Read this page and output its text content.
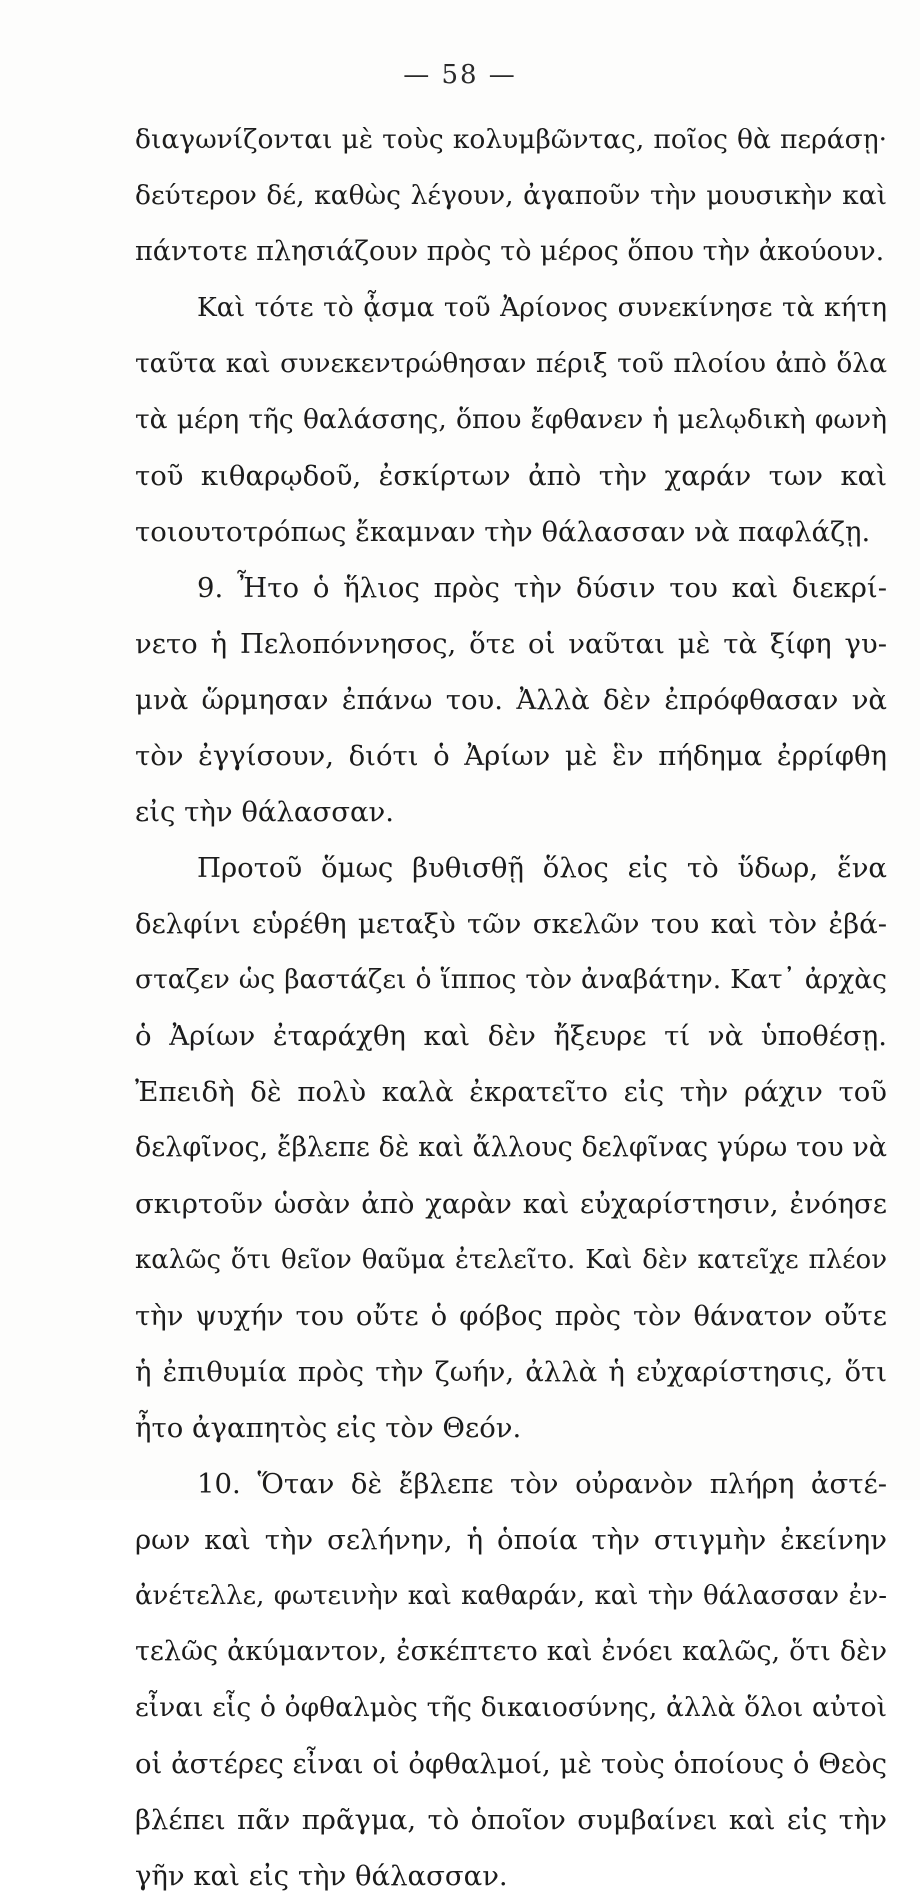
— 58 —
διαγωνίζονται μὲ τοὺς κολυμβῶντας, ποῖος θὰ περάσῃ·
δεύτερον δέ, καθὼς λέγουν, ἀγαποῦν τὴν μουσικὴν καὶ
πάντοτε πλησιάζουν πρὸς τὸ μέρος ὅπου τὴν ἀκούουν.
Καὶ τότε τὸ ᾆσμα τοῦ Ἀρίονος συνεκίνησε τὰ κήτη
ταῦτα καὶ συνεκεντρώθησαν πέριξ τοῦ πλοίου ἀπὸ ὅλα
τὰ μέρη τῆς θαλάσσης, ὅπου ἔφθανεν ἡ μελῳδικὴ φωνὴ
τοῦ κιθαρῳδοῦ, ἐσκίρτων ἀπὸ τὴν χαράν των καὶ
τοιουτοτρόπως ἔκαμναν τὴν θάλασσαν νὰ παφλάζῃ.
9. Ἦτο ὁ ἥλιος πρὸς τὴν δύσιν του καὶ διεκρί-
νετο ἡ Πελοπόννησος, ὅτε οἱ ναῦται μὲ τὰ ξίφη γυ-
μνὰ ὥρμησαν ἐπάνω του. Ἀλλὰ δὲν ἐπρόφθασαν νὰ
τὸν ἐγγίσουν, διότι ὁ Ἀρίων μὲ ἓν πήδημα ἐρρίφθη
εἰς τὴν θάλασσαν.
Προτοῦ ὅμως βυθισθῇ ὅλος εἰς τὸ ὕδωρ, ἕνα
δελφίνι εὑρέθη μεταξὺ τῶν σκελῶν του καὶ τὸν ἐβά-
σταζεν ὡς βαστάζει ὁ ἵππος τὸν ἀναβάτην. Κατ᾽ ἀρχὰς
ὁ Ἀρίων ἐταράχθη καὶ δὲν ἤξευρε τί νὰ ὑποθέσῃ.
Ἐπειδὴ δὲ πολὺ καλὰ ἐκρατεῖτο εἰς τὴν ράχιν τοῦ
δελφῖνος, ἔβλεπε δὲ καὶ ἄλλους δελφῖνας γύρω του νὰ
σκιρτοῦν ὡσὰν ἀπὸ χαρὰν καὶ εὐχαρίστησιν, ἐνόησε
καλῶς ὅτι θεῖον θαῦμα ἐτελεῖτο. Καὶ δὲν κατεῖχε πλέον
τὴν ψυχήν του οὔτε ὁ φόβος πρὸς τὸν θάνατον οὔτε
ἡ ἐπιθυμία πρὸς τὴν ζωήν, ἀλλὰ ἡ εὐχαρίστησις, ὅτι
ἦτο ἀγαπητὸς εἰς τὸν Θεόν.
10. Ὅταν δὲ ἔβλεπε τὸν οὐρανὸν πλήρη ἀστέ-
ρων καὶ τὴν σελήνην, ἡ ὁποία τὴν στιγμὴν ἐκείνην
ἀνέτελλε, φωτεινὴν καὶ καθαράν, καὶ τὴν θάλασσαν ἐν-
τελῶς ἀκύμαντον, ἐσκέπτετο καὶ ἐνόει καλῶς, ὅτι δὲν
εἶναι εἷς ὁ ὀφθαλμὸς τῆς δικαιοσύνης, ἀλλὰ ὅλοι αὐτοὶ
οἱ ἀστέρες εἶναι οἱ ὀφθαλμοί, μὲ τοὺς ὁποίους ὁ Θεὸς
βλέπει πᾶν πρᾶγμα, τὸ ὁποῖον συμβαίνει καὶ εἰς τὴν
γῆν καὶ εἰς τὴν θάλασσαν.
